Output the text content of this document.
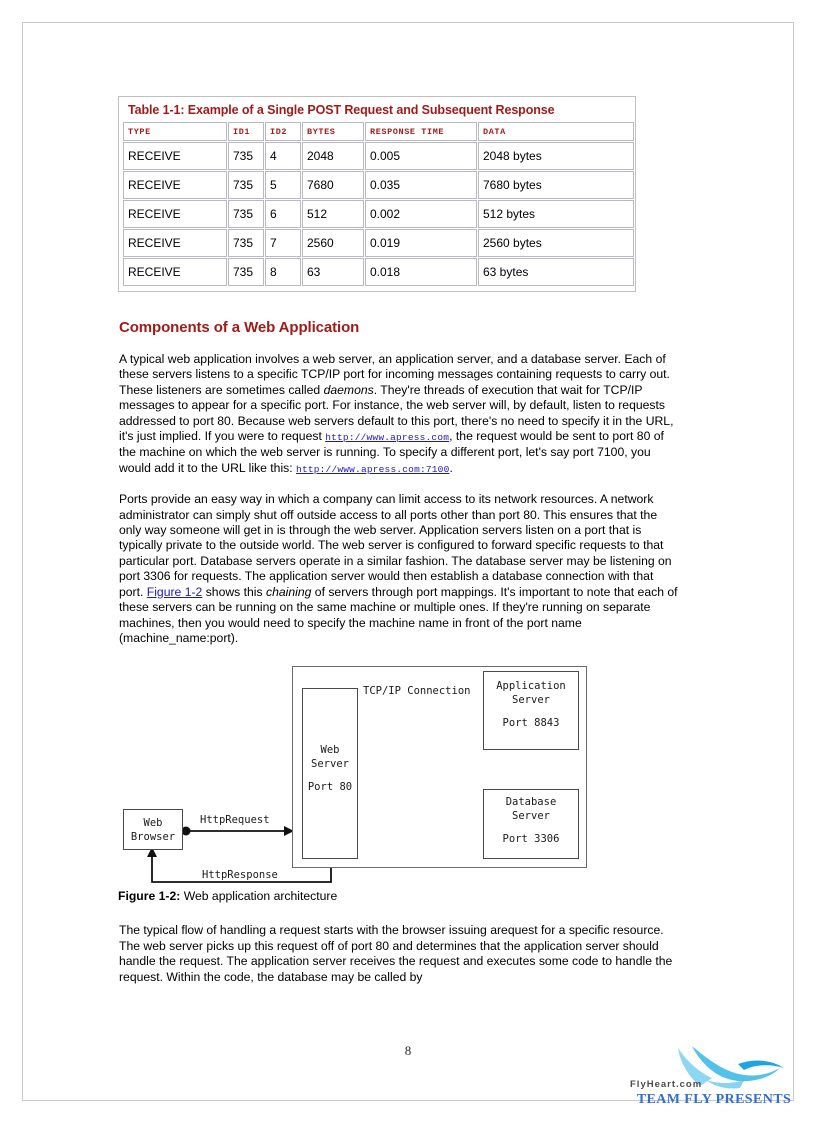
Table 1-1: Example of a Single POST Request and Subsequent Response
TYPE	ID1	ID2	BYTES	RESPONSE TIME	DATA
RECEIVE	735	4	2048	0.005	2048 bytes
RECEIVE	735	5	7680	0.035	7680 bytes
RECEIVE	735	6	512	0.002	512 bytes
RECEIVE	735	7	2560	0.019	2560 bytes
RECEIVE	735	8	63	0.018	63 bytes
Components of a Web Application

A typical web application involves a web server, an application server, and a database server. Each of these servers listens to a specific TCP/IP port for incoming messages containing requests to carry out. These listeners are sometimes called daemons. They're threads of execution that wait for TCP/IP messages to appear for a specific port. For instance, the web server will, by default, listen to requests addressed to port 80. Because web servers default to this port, there's no need to specify it in the URL, it's just implied. If you were to request http://www.apress.com, the request would be sent to port 80 of the machine on which the web server is running. To specify a different port, let's say port 7100, you would add it to the URL like this: http://www.apress.com:7100.

Ports provide an easy way in which a company can limit access to its network resources. A network administrator can simply shut off outside access to all ports other than port 80. This ensures that the only way someone will get in is through the web server. Application servers listen on a port that is typically private to the outside world. The web server is configured to forward specific requests to that particular port. Database servers operate in a similar fashion. The database server may be listening on port 3306 for requests. The application server would then establish a database connection with that port. Figure 1-2 shows this chaining of servers through port mappings. It's important to note that each of these servers can be running on the same machine or multiple ones. If they're running on separate machines, then you would need to specify the machine name in front of the port name (machine_name:port).

Web
Server
Port 80
Application
Server
Port 8843
Database
Server
Port 3306
Web
Browser
TCP/IP Connection
HttpRequest
HttpResponse
Figure 1-2: Web application architecture

The typical flow of handling a request starts with the browser issuing arequest for a specific resource. The web server picks up this request off of port 80 and determines that the application server should handle the request. The application server receives the request and executes some code to handle the request. Within the code, the database may be called by

8
FlyHeart.com
TEAM FLY PRESENTS
